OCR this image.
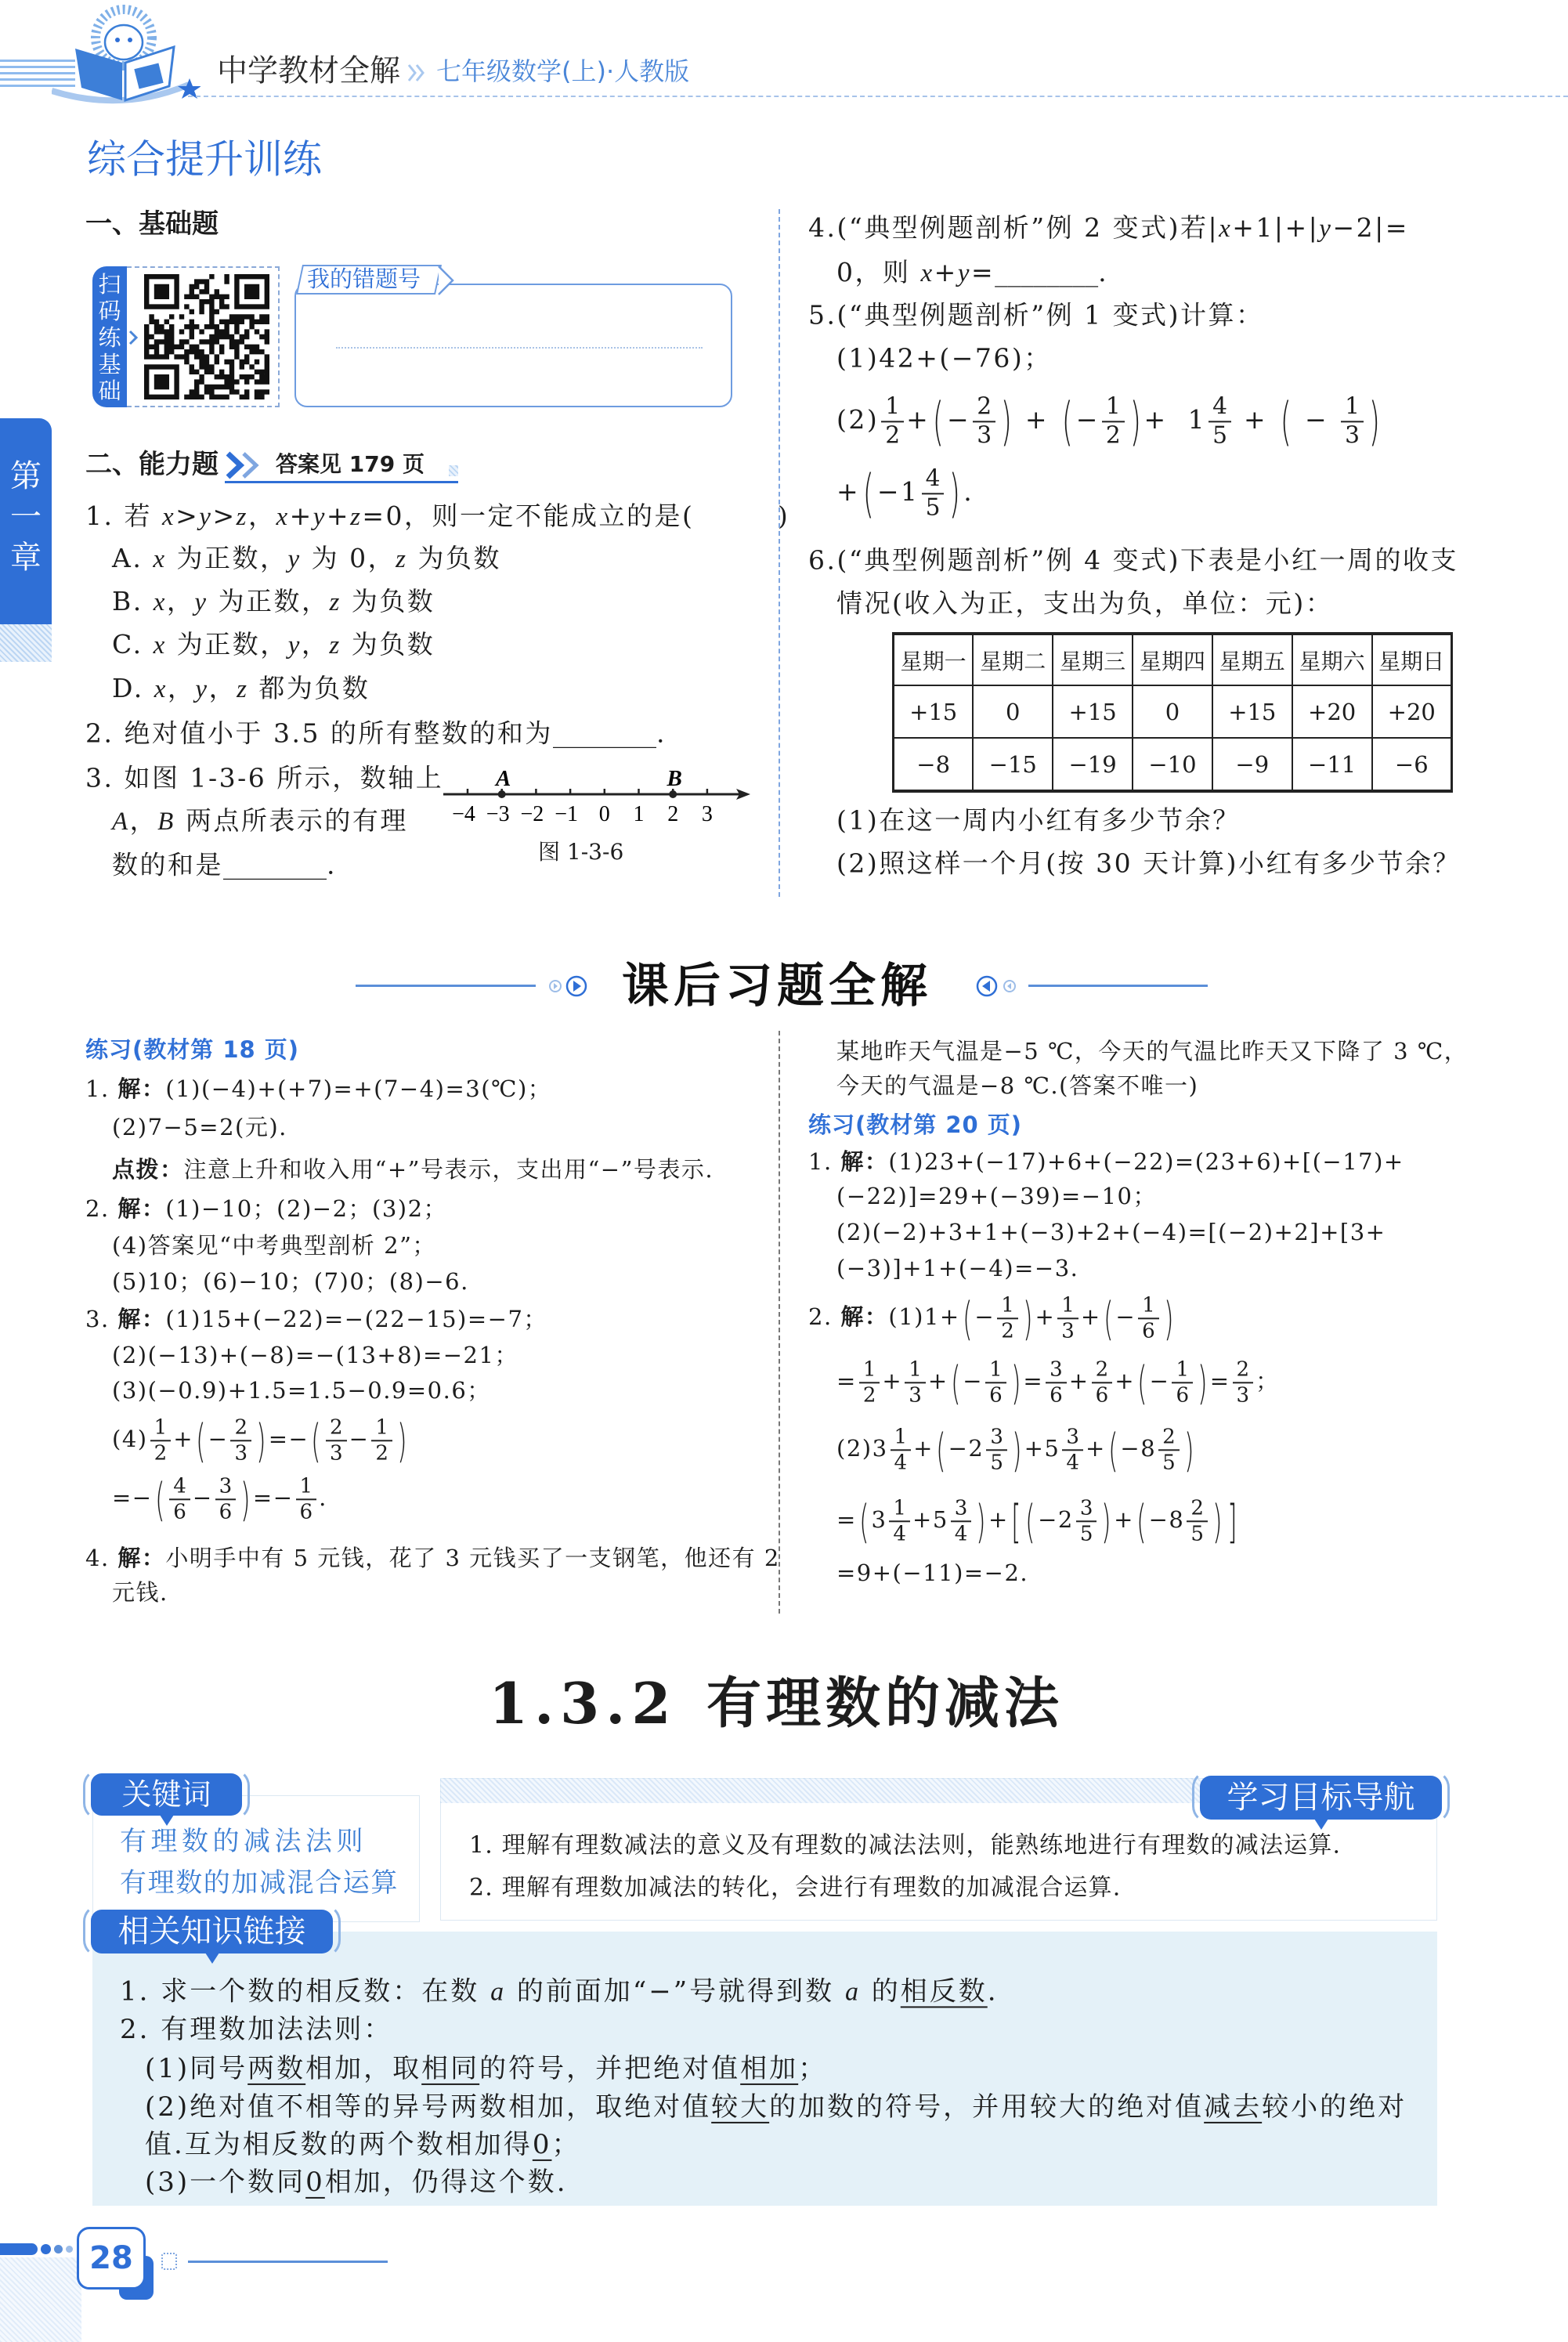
中学教材全解 七年级数学(上)·人教版
第
一
章
综合提升训练
一、基础题
扫
码
练
基
础
我的错题号
二、能力题	答案见 179 页
1. 若 x>y>z，x+y+z=0，则一定不能成立的是(　　　)
A. x 为正数，y 为 0，z 为负数
B. x，y 为正数，z 为负数
C. x 为正数，y，z 为负数
D. x，y，z 都为负数
2. 绝对值小于 3.5 的所有整数的和为________.
3. 如图 1-3-6 所示，数轴上
A，B 两点所表示的有理
数的和是________.
−4 −3 −2 −1 0 1 2 3
A	B
图 1-3-6
4.(“典型例题剖析”例 2 变式)若|x+1|+|y−2|=
0，则 x+y=________.
5.(“典型例题剖析”例 1 变式)计算：
(1)42+(−76)；
$(2) \frac{1}{2}$ +( − $\frac{2}{3}$ ) + ( − $\frac{1}{2}$ ) +  $1 \frac{4}{5}$ + ( − $\frac{1}{3}$ )
+( $-1 \frac{4}{5}$ ) .
6.(“典型例题剖析”例 4 变式)下表是小红一周的收支
情况(收入为正，支出为负，单位：元)：
星期一	星期二	星期三	星期四	星期五	星期六	星期日
+15	0	+15	0	+15	+20	+20
−8	−15	−19	−10	−9	−11	−6
(1)在这一周内小红有多少节余？
(2)照这样一个月(按 30 天计算)小红有多少节余？
课后习题全解
练习(教材第 18 页)
1. 解：(1)(−4)+(+7)=+(7−4)=3(℃)；
(2)7−5=2(元).
点拨：注意上升和收入用“+”号表示，支出用“−”号表示.
2. 解：(1)−10；(2)−2；(3)2；
(4)答案见“中考典型剖析 2”；
(5)10；(6)−10；(7)0；(8)−6.
3. 解：(1)15+(−22)=−(22−15)=−7；
(2)(−13)+(−8)=−(13+8)=−21；
(3)(−0.9)+1.5=1.5−0.9=0.6；
$(4) \frac{1}{2}$ +( − $\frac{2}{3}$ ) =−( $\frac{2}{3} - \frac{1}{2}$ )
=−( $\frac{4}{6} - \frac{3}{6}$ ) =− $\frac{1}{6}$ .
4. 解：小明手中有 5 元钱，花了 3 元钱买了一支钢笔，他还有 2
元钱.
某地昨天气温是−5 ℃，今天的气温比昨天又下降了 3 ℃，
今天的气温是−8 ℃.(答案不唯一)
练习(教材第 20 页)
1. 解：(1)23+(−17)+6+(−22)=(23+6)+[(−17)+
(−22)]=29+(−39)=−10；
(2)(−2)+3+1+(−3)+2+(−4)=[(−2)+2]+[3+
(−3)]+1+(−4)=−3.
2. 解：$(1)1+( - \frac{1}{2}$ ) + $\frac{1}{3}$ +( − $\frac{1}{6}$ )
= $\frac{1}{2} + \frac{1}{3}$ +( − $\frac{1}{6}$ ) = $\frac{3}{6} + \frac{2}{6}$ +( − $\frac{1}{6}$ ) = $\frac{2}{3}$ ；
$(2)3 \frac{1}{4}$ +( $-2 \frac{3}{5}$ ) $+5 \frac{3}{4}$ +( $-8 \frac{2}{5}$ )
=( $3 \frac{1}{4} +5 \frac{3}{4}$ ) +[ ( $-2 \frac{3}{5}$ ) +( $-8 \frac{2}{5}$ ) ]
=9+(−11)=−2.
1.3.2 有理数的减法
有理数的减法法则
有理数的加减混合运算
1. 理解有理数减法的意义及有理数的减法法则，能熟练地进行有理数的减法运算.
2. 理解有理数加减法的转化，会进行有理数的加减混合运算.
1. 求一个数的相反数：在数 a 的前面加“−”号就得到数 a 的相反数.
2. 有理数加法法则：
(1)同号两数相加，取相同的符号，并把绝对值相加；
(2)绝对值不相等的异号两数相加，取绝对值较大的加数的符号，并用较大的绝对值减去较小的绝对
值.互为相反数的两个数相加得0；
(3)一个数同0相加，仍得这个数.
关键词	学习目标导航
相关知识链接
28
